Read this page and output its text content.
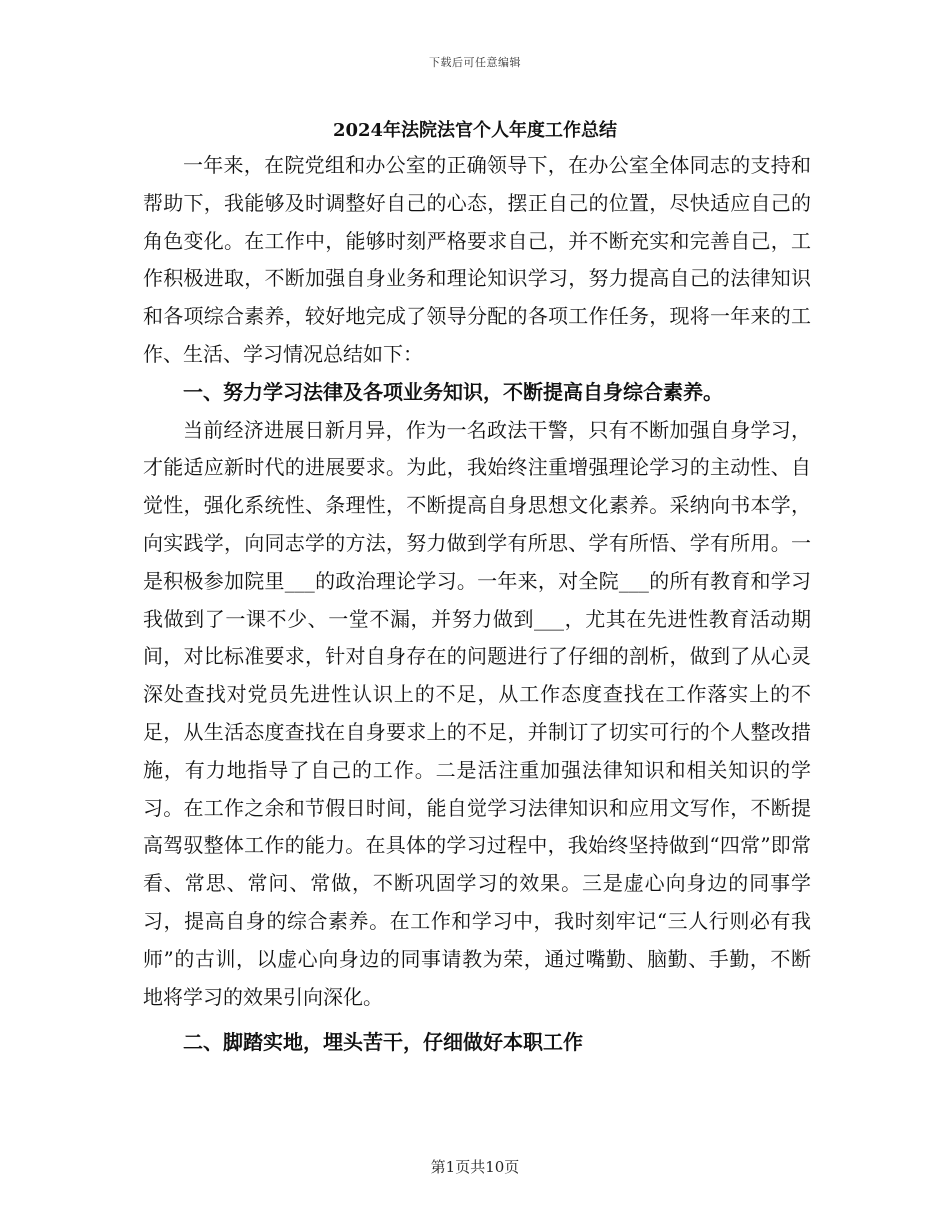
下载后可任意编辑
2024年法院法官个人年度工作总结

一年来，在院党组和办公室的正确领导下，在办公室全体同志的支持和帮助下，我能够及时调整好自己的心态，摆正自己的位置，尽快适应自己的角色变化。在工作中，能够时刻严格要求自己，并不断充实和完善自己，工作积极进取，不断加强自身业务和理论知识学习，努力提高自己的法律知识和各项综合素养，较好地完成了领导分配的各项工作任务，现将一年来的工作、生活、学习情况总结如下：

一、努力学习法律及各项业务知识，不断提高自身综合素养。

当前经济进展日新月异，作为一名政法干警，只有不断加强自身学习，才能适应新时代的进展要求。为此，我始终注重增强理论学习的主动性、自觉性，强化系统性、条理性，不断提高自身思想文化素养。采纳向书本学，向实践学，向同志学的方法，努力做到学有所思、学有所悟、学有所用。一是积极参加院里___的政治理论学习。一年来，对全院___的所有教育和学习我做到了一课不少、一堂不漏，并努力做到___，尤其在先进性教育活动期间，对比标准要求，针对自身存在的问题进行了仔细的剖析，做到了从心灵深处查找对党员先进性认识上的不足，从工作态度查找在工作落实上的不足，从生活态度查找在自身要求上的不足，并制订了切实可行的个人整改措施，有力地指导了自己的工作。二是活注重加强法律知识和相关知识的学习。在工作之余和节假日时间，能自觉学习法律知识和应用文写作，不断提高驾驭整体工作的能力。在具体的学习过程中，我始终坚持做到“四常”即常看、常思、常问、常做，不断巩固学习的效果。三是虚心向身边的同事学习，提高自身的综合素养。在工作和学习中，我时刻牢记“三人行则必有我师”的古训，以虚心向身边的同事请教为荣，通过嘴勤、脑勤、手勤，不断地将学习的效果引向深化。

二、脚踏实地，埋头苦干，仔细做好本职工作

第1页共10页
